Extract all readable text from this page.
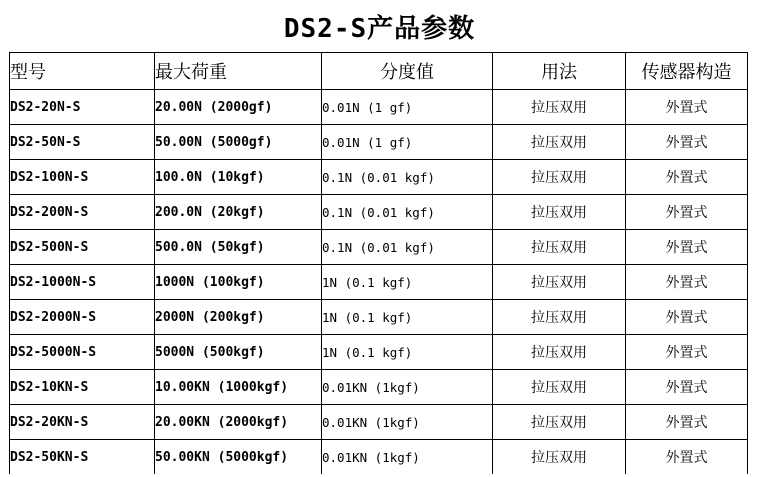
DS2-S产品参数
型号	最大荷重	分度值	用法	传感器构造
DS2-20N-S	20.00N (2000gf)	0.01N (1 gf)	拉压双用	外置式
DS2-50N-S	50.00N (5000gf)	0.01N (1 gf)	拉压双用	外置式
DS2-100N-S	100.0N (10kgf)	0.1N (0.01 kgf)	拉压双用	外置式
DS2-200N-S	200.0N (20kgf)	0.1N (0.01 kgf)	拉压双用	外置式
DS2-500N-S	500.0N (50kgf)	0.1N (0.01 kgf)	拉压双用	外置式
DS2-1000N-S	1000N (100kgf)	1N (0.1 kgf)	拉压双用	外置式
DS2-2000N-S	2000N (200kgf)	1N (0.1 kgf)	拉压双用	外置式
DS2-5000N-S	5000N (500kgf)	1N (0.1 kgf)	拉压双用	外置式
DS2-10KN-S	10.00KN (1000kgf)	0.01KN (1kgf)	拉压双用	外置式
DS2-20KN-S	20.00KN (2000kgf)	0.01KN (1kgf)	拉压双用	外置式
DS2-50KN-S	50.00KN (5000kgf)	0.01KN (1kgf)	拉压双用	外置式
